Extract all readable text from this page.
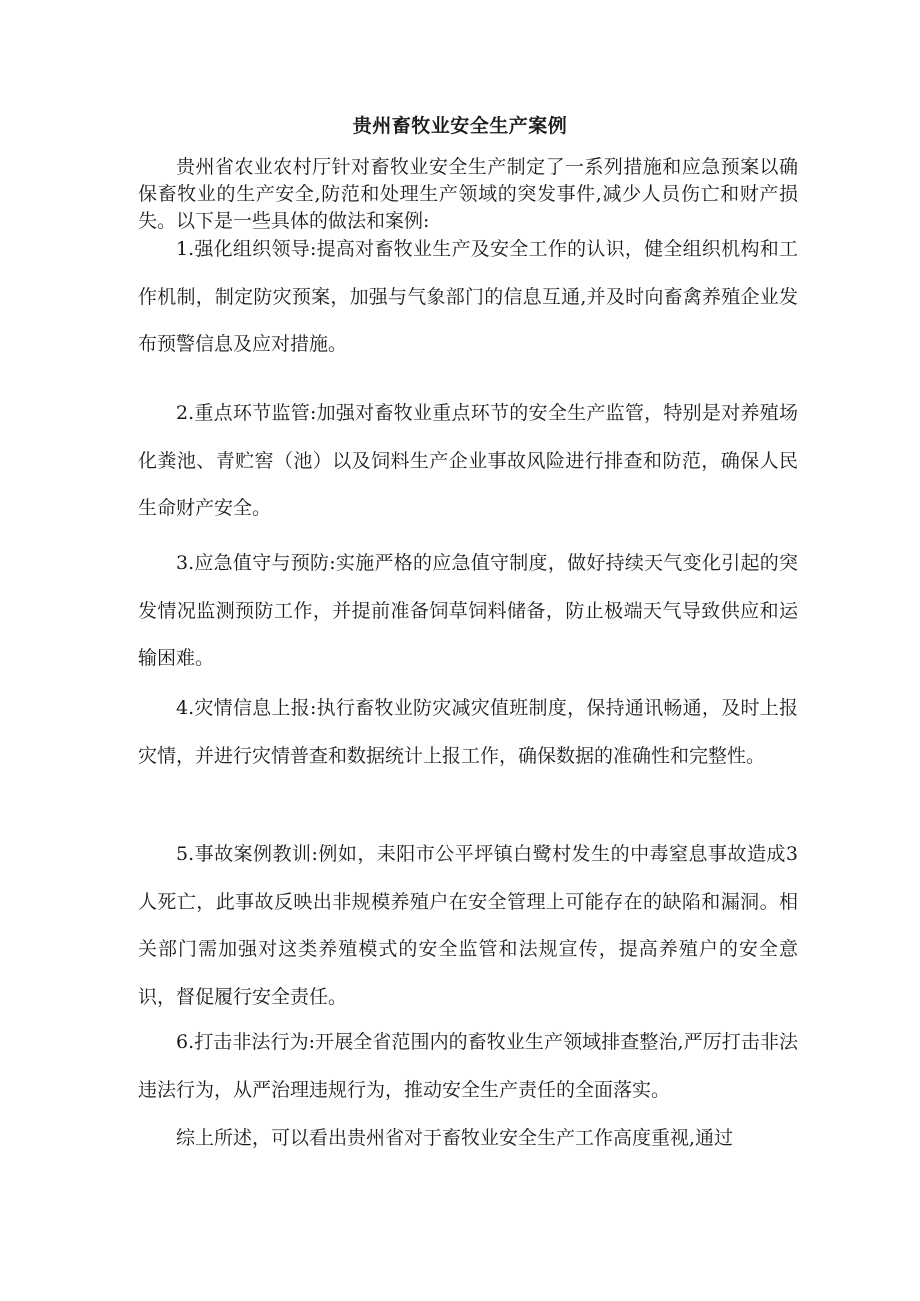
贵州畜牧业安全生产案例

贵州省农业农村厅针对畜牧业安全生产制定了一系列措施和应急预案以确保畜牧业的生产安全,防范和处理生产领域的突发事件,减少人员伤亡和财产损失。以下是一些具体的做法和案例:

1.强化组织领导:提高对畜牧业生产及安全工作的认识，健全组织机构和工作机制，制定防灾预案，加强与气象部门的信息互通,并及时向畜禽养殖企业发布预警信息及应对措施。

2.重点环节监管:加强对畜牧业重点环节的安全生产监管，特别是对养殖场化粪池、青贮窖（池）以及饲料生产企业事故风险进行排查和防范，确保人民生命财产安全。

3.应急值守与预防:实施严格的应急值守制度，做好持续天气变化引起的突发情况监测预防工作，并提前准备饲草饲料储备，防止极端天气导致供应和运输困难。

4.灾情信息上报:执行畜牧业防灾减灾值班制度，保持通讯畅通，及时上报灾情，并进行灾情普查和数据统计上报工作，确保数据的准确性和完整性。

5.事故案例教训:例如，耒阳市公平坪镇白鹭村发生的中毒窒息事故造成3人死亡，此事故反映出非规模养殖户在安全管理上可能存在的缺陷和漏洞。相关部门需加强对这类养殖模式的安全监管和法规宣传，提高养殖户的安全意识，督促履行安全责任。

6.打击非法行为:开展全省范围内的畜牧业生产领域排查整治,严厉打击非法违法行为，从严治理违规行为，推动安全生产责任的全面落实。

综上所述，可以看出贵州省对于畜牧业安全生产工作高度重视,通过
